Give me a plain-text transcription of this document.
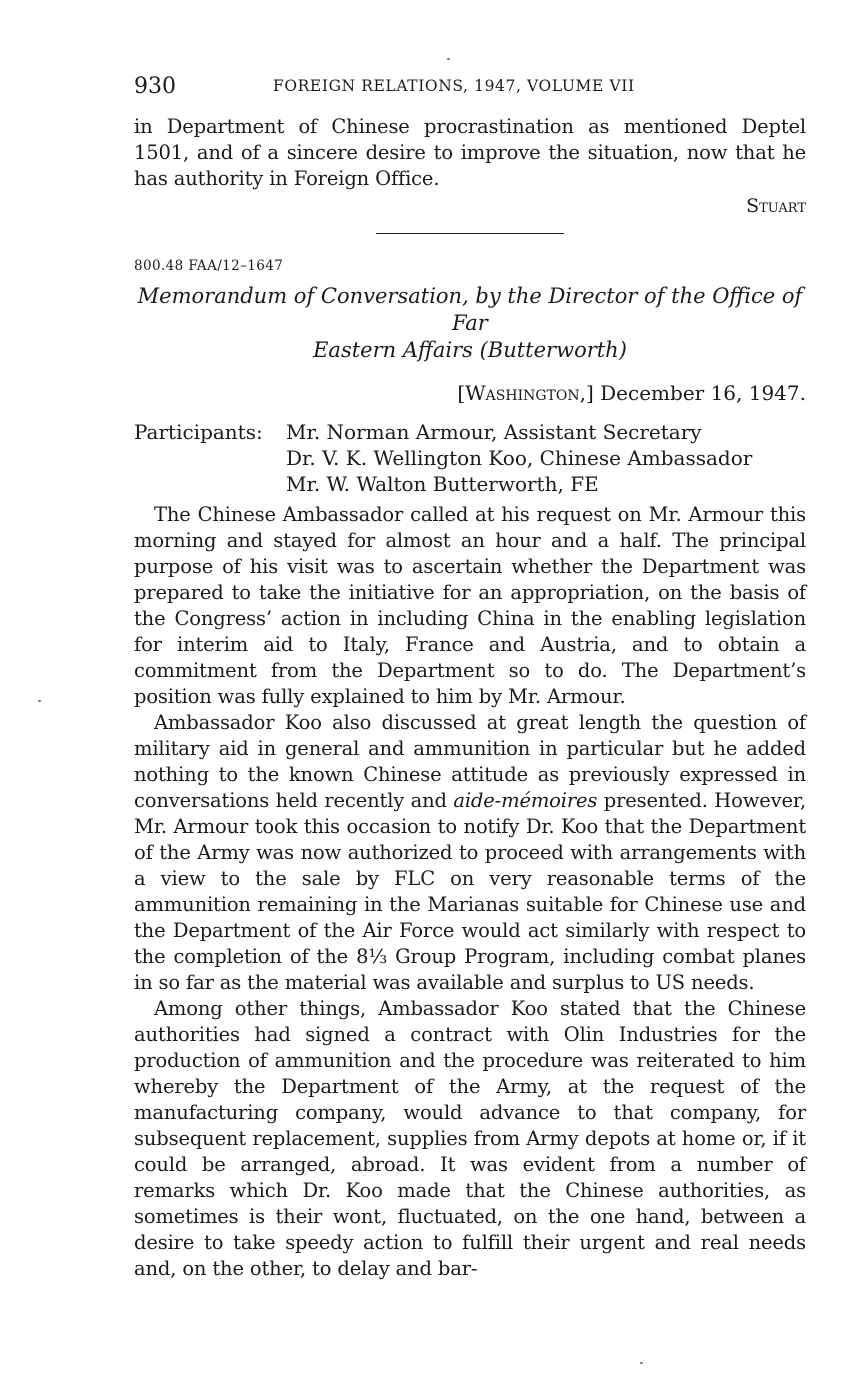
930	FOREIGN RELATIONS, 1947, VOLUME VII

in Department of Chinese procrastination as mentioned Deptel 1501, and of a sincere desire to improve the situation, now that he has authority in Foreign Office.

Stuart
800.48 FAA/12–1647
Memorandum of Conversation, by the Director of the Office of Far
Eastern Affairs (Butterworth)
[Washington,] December 16, 1947.
Participants:	Mr. Norman Armour, Assistant Secretary
Dr. V. K. Wellington Koo, Chinese Ambassador
Mr. W. Walton Butterworth, FE

The Chinese Ambassador called at his request on Mr. Armour this morning and stayed for almost an hour and a half. The principal purpose of his visit was to ascertain whether the Department was prepared to take the initiative for an appropriation, on the basis of the Congress’ action in including China in the enabling legislation for interim aid to Italy, France and Austria, and to obtain a commitment from the Department so to do. The Department’s position was fully explained to him by Mr. Armour.

Ambassador Koo also discussed at great length the question of military aid in general and ammunition in particular but he added nothing to the known Chinese attitude as previously expressed in conversations held recently and aide-mémoires presented. However, Mr. Armour took this occasion to notify Dr. Koo that the Department of the Army was now authorized to proceed with arrangements with a view to the sale by FLC on very reasonable terms of the ammunition remaining in the Marianas suitable for Chinese use and the Department of the Air Force would act similarly with respect to the completion of the 8⅓ Group Program, including combat planes in so far as the material was available and surplus to US needs.

Among other things, Ambassador Koo stated that the Chinese authorities had signed a contract with Olin Industries for the production of ammunition and the procedure was reiterated to him whereby the Department of the Army, at the request of the manufacturing company, would advance to that company, for subsequent replacement, supplies from Army depots at home or, if it could be arranged, abroad. It was evident from a number of remarks which Dr. Koo made that the Chinese authorities, as sometimes is their wont, fluctuated, on the one hand, between a desire to take speedy action to fulfill their urgent and real needs and, on the other, to delay and bar-
